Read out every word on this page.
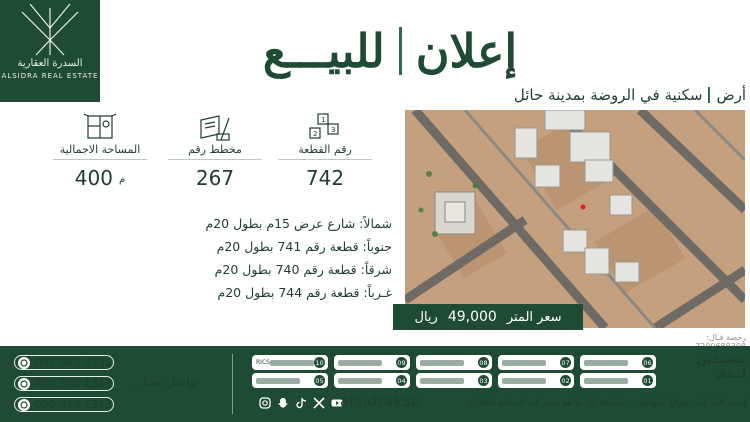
السدرة العقارية
ALSIDRA REAL ESTATE	إعلان
للبيـــع
أرض
سكنية في الروضة بمدينة حائل
1
2 3
رقم القطعة
742
مخطط رقم
267
المساحة الاجمالية
400 م
شمالاً: شارع عرض 15م بطول 20م
جنوباً: قطعة رقم 741 بطول 20م
شرقاً: قطعة رقم 740 بطول 20م
غـرباً: قطعة رقم 744 بطول 20م
سعر المتر
49,000
ريال
رخصة فـال:
055 583 3331
050 593 1313
050 473 1313
تواصل معنا ..
RICS	10	09	08	07	06
05	04	03	02	01
معتمدين
لــدى
alsidraksa	انضم الينا على مواقع التواصل .. لمتابعة كل ما هو جديد في الساحة العقارية
